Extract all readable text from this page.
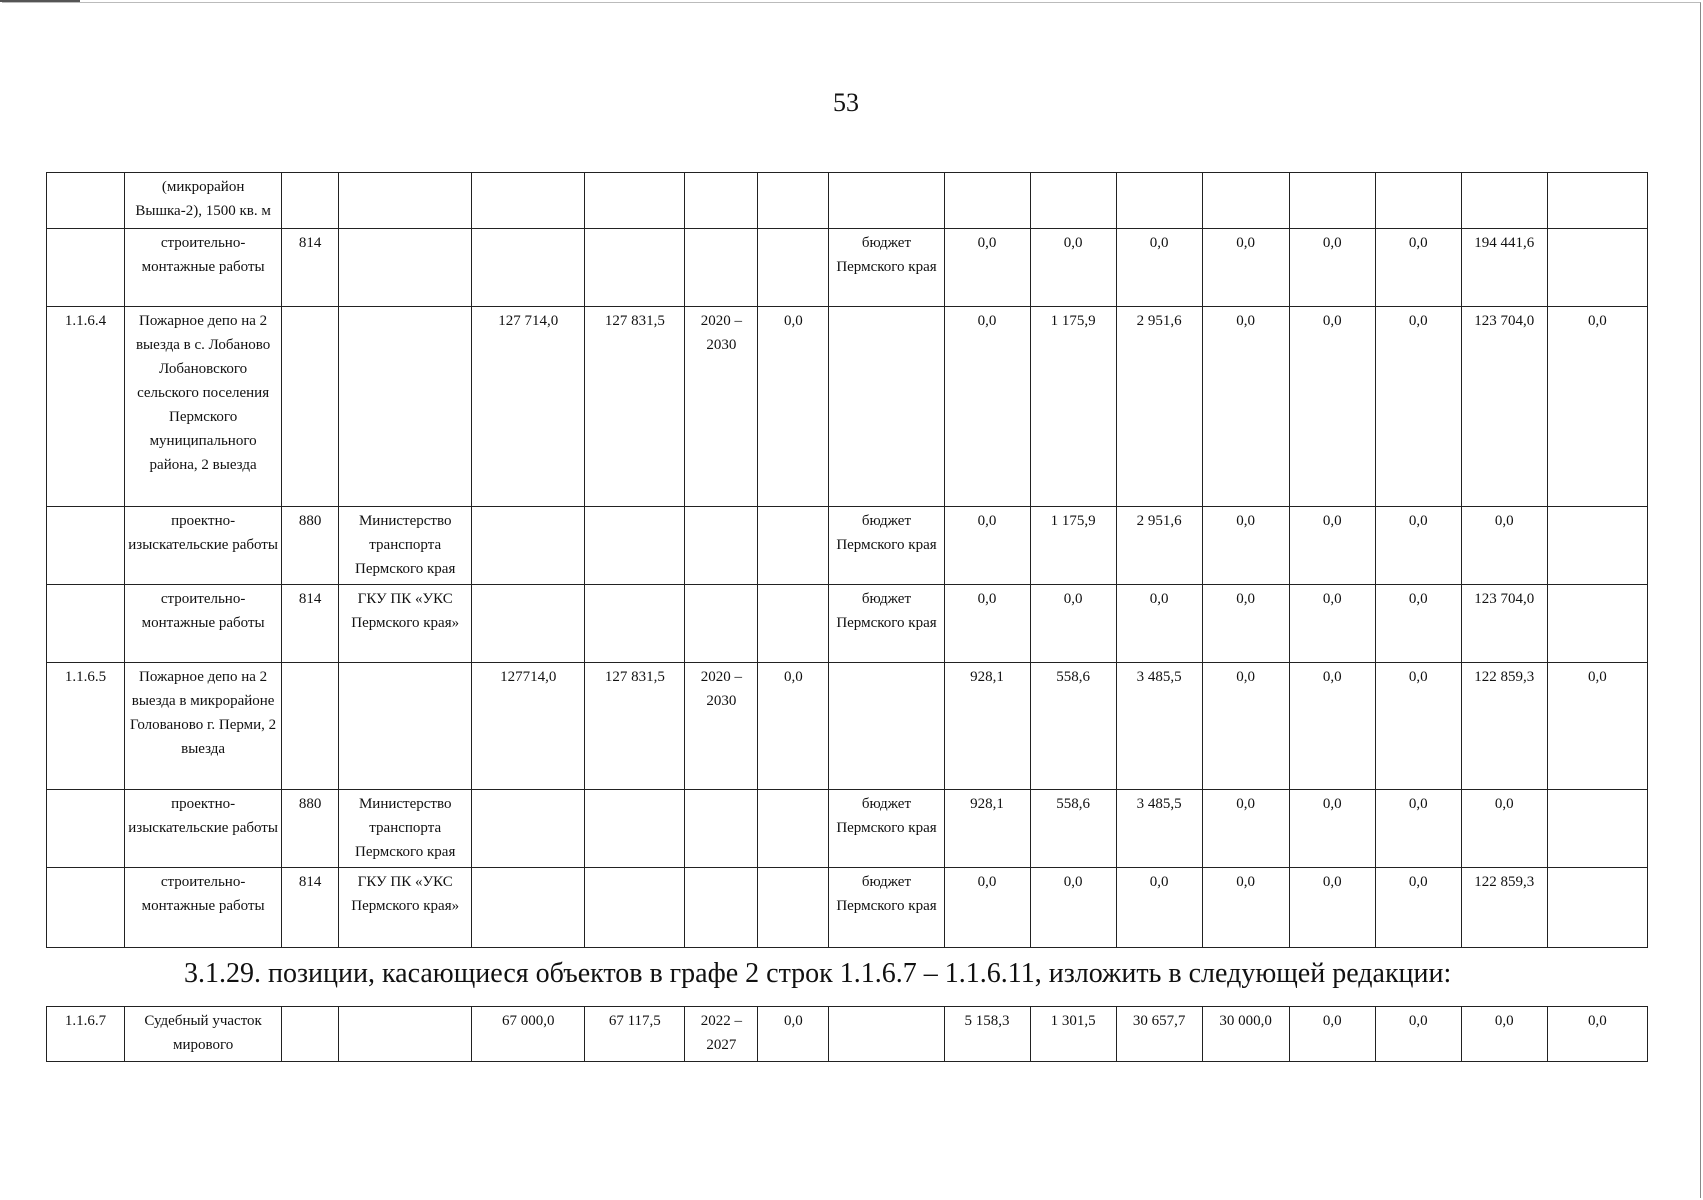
53
	(микрорайон Вышка-2), 1500 кв. м															
	строительно-монтажные работы	814						бюджет Пермского края	0,0	0,0	0,0	0,0	0,0	0,0	194 441,6	
1.1.6.4	Пожарное депо на 2 выезда в с. Лобаново Лобановского сельского поселения Пермского муниципального района, 2 выезда			127 714,0	127 831,5	2020 – 2030	0,0		0,0	1 175,9	2 951,6	0,0	0,0	0,0	123 704,0	0,0
	проектно-изыскательские работы	880	Министерство транспорта Пермского края					бюджет Пермского края	0,0	1 175,9	2 951,6	0,0	0,0	0,0	0,0	
	строительно-монтажные работы	814	ГКУ ПК «УКС Пермского края»					бюджет Пермского края	0,0	0,0	0,0	0,0	0,0	0,0	123 704,0	
1.1.6.5	Пожарное депо на 2 выезда в микрорайоне Голованово г. Перми, 2 выезда			127714,0	127 831,5	2020 – 2030	0,0		928,1	558,6	3 485,5	0,0	0,0	0,0	122 859,3	0,0
	проектно-изыскательские работы	880	Министерство транспорта Пермского края					бюджет Пермского края	928,1	558,6	3 485,5	0,0	0,0	0,0	0,0	
	строительно-монтажные работы	814	ГКУ ПК «УКС Пермского края»					бюджет Пермского края	0,0	0,0	0,0	0,0	0,0	0,0	122 859,3	
3.1.29. позиции, касающиеся объектов в графе 2 строк 1.1.6.7 – 1.1.6.11, изложить в следующей редакции:
1.1.6.7	Судебный участок мирового			67 000,0	67 117,5	2022 – 2027	0,0		5 158,3	1 301,5	30 657,7	30 000,0	0,0	0,0	0,0	0,0
